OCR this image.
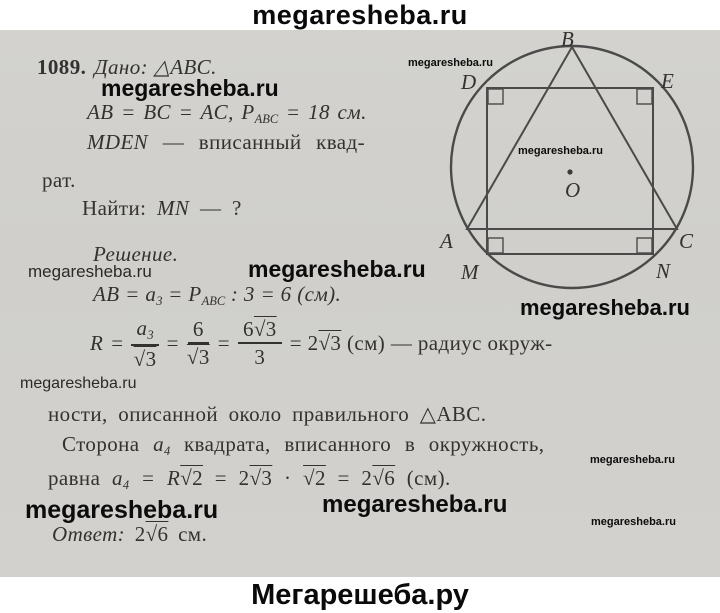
megaresheba.ru
B
D	E
A	C
M	N
O
1089. Дано: △ABC.
AB = BC = AC, $P_{ABC} = 18$ см.
MDEN — вписанный квад-
рат.
Найти: MN — ?
Решение.
AB = $a_3 = P_{ABC}$ : 3 = 6 (см).
$R = \frac{a_3}{√3} = \frac{6}{√3} = \frac{6√3}{3} = 2√3$ (см) — радиус окруж-
ности, описанной около правильного △ABC.
Сторона $a_4$ квадрата, вписанного в окружность,
равна $a_4 = R√2 = 2√3 \cdot √2 = 2√6$ (см).
Ответ: 2√6 см.
megaresheba.ru
megaresheba.ru
megaresheba.ru
megaresheba.ru	megaresheba.ru
megaresheba.ru
megaresheba.ru
megaresheba.ru
megaresheba.ru	megaresheba.ru
megaresheba.ru
Мегарешеба.ру
